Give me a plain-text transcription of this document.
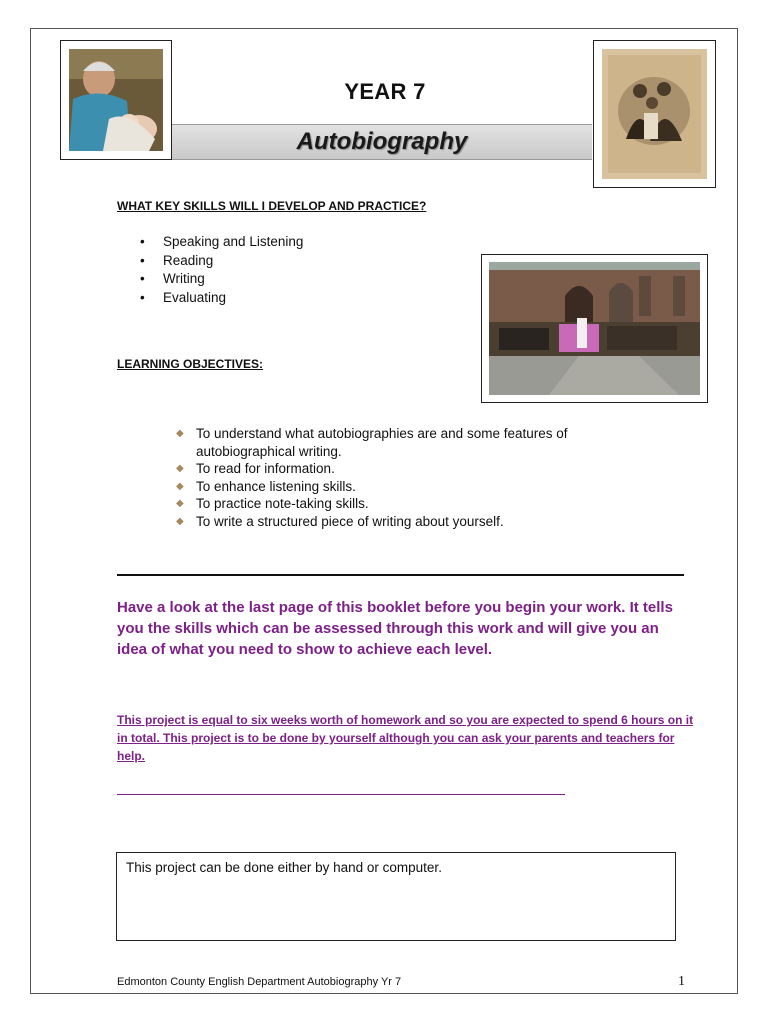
YEAR 7
Autobiography
WHAT KEY SKILLS WILL I DEVELOP AND PRACTICE?
• Speaking and Listening
• Reading
• Writing
• Evaluating
LEARNING OBJECTIVES:
◆ To understand what autobiographies are and some features of autobiographical writing.
◆ To read for information.
◆ To enhance listening skills.
◆ To practice note-taking skills.
◆ To write a structured piece of writing about yourself.
Have a look at the last page of this booklet before you begin your work. It tells you the skills which can be assessed through this work and will give you an idea of what you need to show to achieve each level.
This project is equal to six weeks worth of homework and so you are expected to spend 6 hours on it in total. This project is to be done by yourself although you can ask your parents and teachers for help.
This project can be done either by hand or computer.
Edmonton County English Department Autobiography Yr 7	1
